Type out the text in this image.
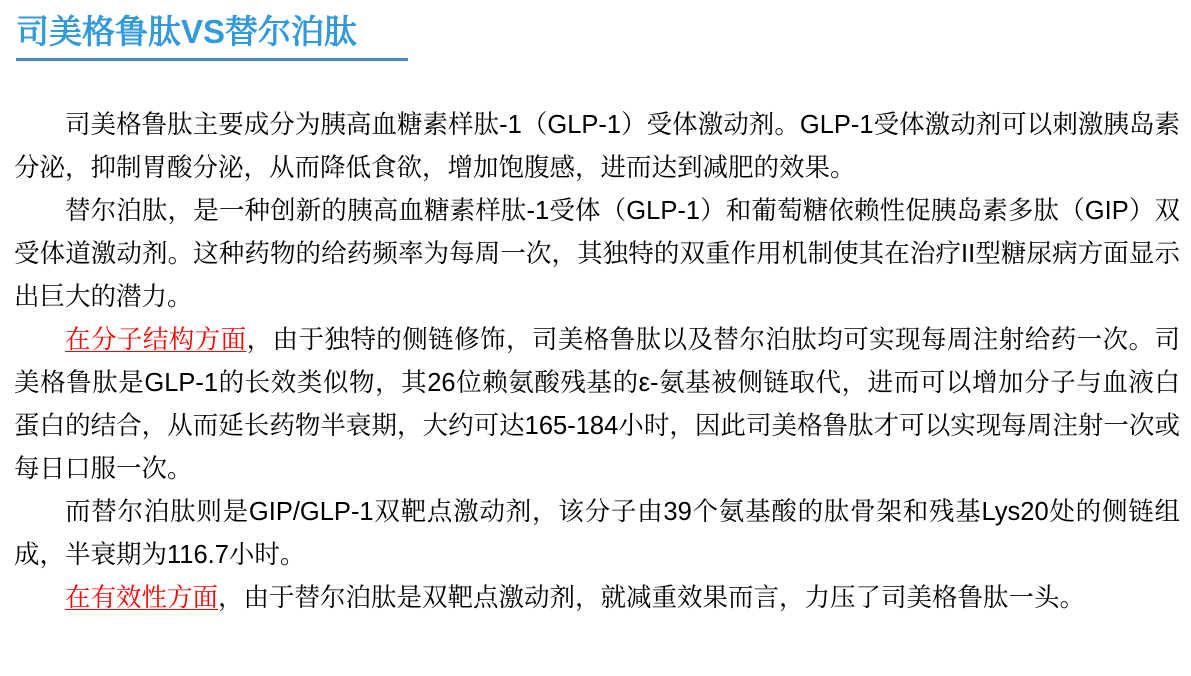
司美格鲁肽VS替尔泊肽

司美格鲁肽主要成分为胰高血糖素样肽-1（GLP-1）受体激动剂。GLP-1受体激动剂可以刺激胰岛素分泌，抑制胃酸分泌，从而降低食欲，增加饱腹感，进而达到减肥的效果。

替尔泊肽，是一种创新的胰高血糖素样肽-1受体（GLP-1）和葡萄糖依赖性促胰岛素多肽（GIP）双受体道激动剂。这种药物的给药频率为每周一次，其独特的双重作用机制使其在治疗II型糖尿病方面显示出巨大的潜力。

在分子结构方面，由于独特的侧链修饰，司美格鲁肽以及替尔泊肽均可实现每周注射给药一次。司美格鲁肽是GLP-1的长效类似物，其26位赖氨酸残基的ε-氨基被侧链取代，进而可以增加分子与血液白蛋白的结合，从而延长药物半衰期，大约可达165-184小时，因此司美格鲁肽才可以实现每周注射一次或每日口服一次。

而替尔泊肽则是GIP/GLP-1双靶点激动剂，该分子由39个氨基酸的肽骨架和残基Lys20处的侧链组成，半衰期为116.7小时。

在有效性方面，由于替尔泊肽是双靶点激动剂，就减重效果而言，力压了司美格鲁肽一头。
